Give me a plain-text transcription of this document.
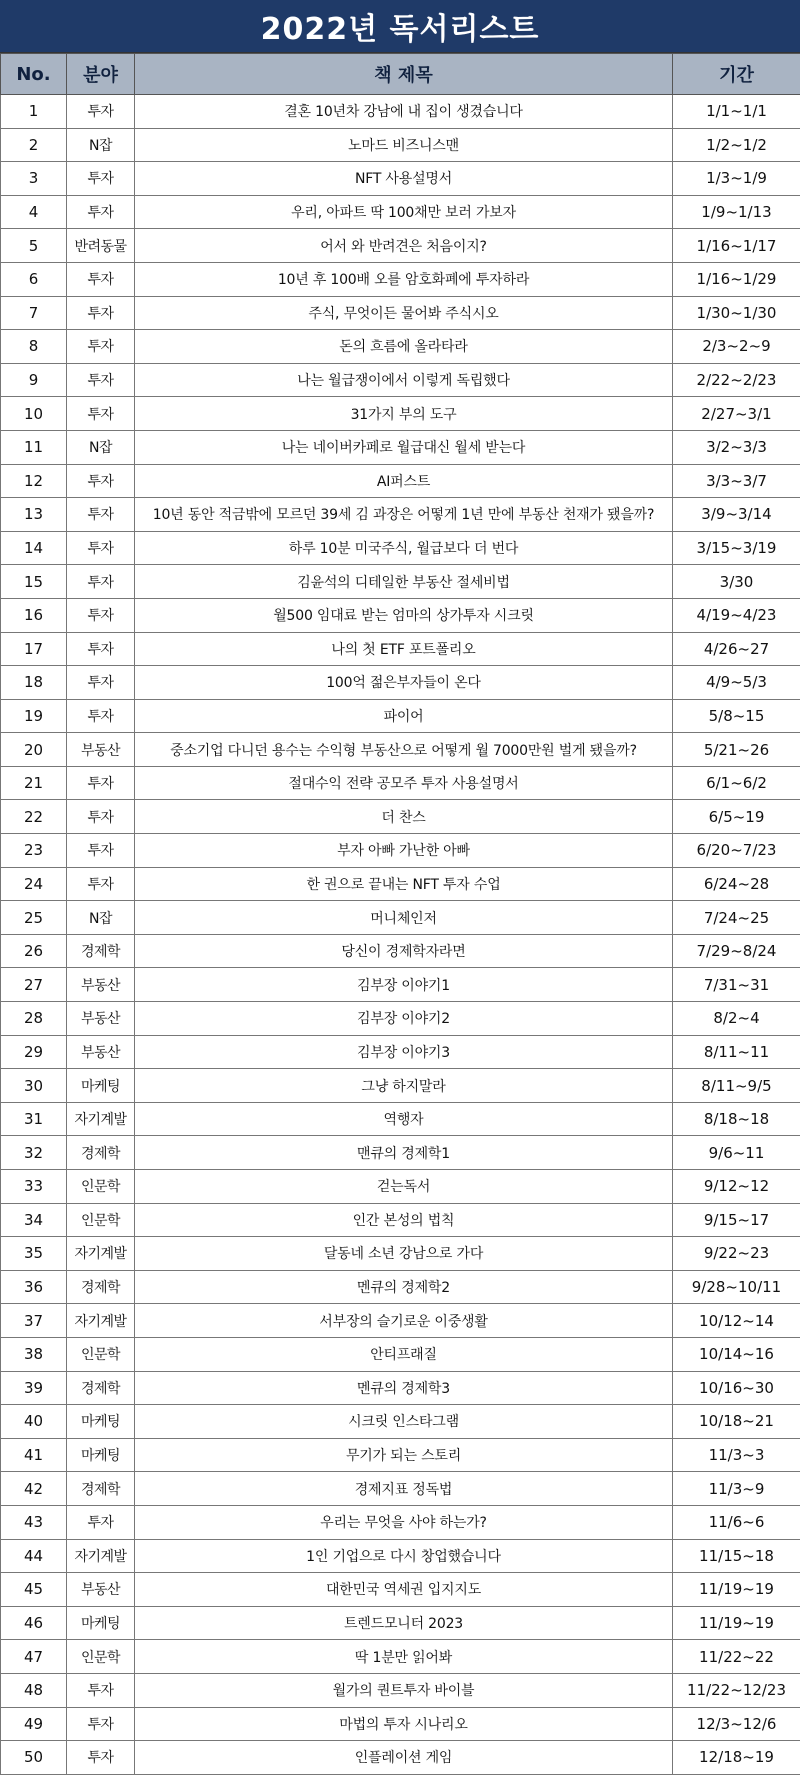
2022년 독서리스트
No.	분야	책 제목	기간
1	투자	결혼 10년차 강남에 내 집이 생겼습니다	1/1~1/1
2	N잡	노마드 비즈니스맨	1/2~1/2
3	투자	NFT 사용설명서	1/3~1/9
4	투자	우리, 아파트 딱 100채만 보러 가보자	1/9~1/13
5	반려동물	어서 와 반려견은 처음이지?	1/16~1/17
6	투자	10년 후 100배 오를 암호화폐에 투자하라	1/16~1/29
7	투자	주식, 무엇이든 물어봐 주식시오	1/30~1/30
8	투자	돈의 흐름에 올라타라	2/3~2~9
9	투자	나는 월급쟁이에서 이렇게 독립했다	2/22~2/23
10	투자	31가지 부의 도구	2/27~3/1
11	N잡	나는 네이버카페로 월급대신 월세 받는다	3/2~3/3
12	투자	AI퍼스트	3/3~3/7
13	투자	10년 동안 적금밖에 모르던 39세 김 과장은 어떻게 1년 만에 부동산 천재가 됐을까?	3/9~3/14
14	투자	하루 10분 미국주식, 월급보다 더 번다	3/15~3/19
15	투자	김윤석의 디테일한 부동산 절세비법	3/30
16	투자	월500 임대료 받는 엄마의 상가투자 시크릿	4/19~4/23
17	투자	나의 첫 ETF 포트폴리오	4/26~27
18	투자	100억 젊은부자들이 온다	4/9~5/3
19	투자	파이어	5/8~15
20	부동산	중소기업 다니던 용수는 수익형 부동산으로 어떻게 월 7000만원 벌게 됐을까?	5/21~26
21	투자	절대수익 전략 공모주 투자 사용설명서	6/1~6/2
22	투자	더 찬스	6/5~19
23	투자	부자 아빠 가난한 아빠	6/20~7/23
24	투자	한 권으로 끝내는 NFT 투자 수업	6/24~28
25	N잡	머니체인저	7/24~25
26	경제학	당신이 경제학자라면	7/29~8/24
27	부동산	김부장 이야기1	7/31~31
28	부동산	김부장 이야기2	8/2~4
29	부동산	김부장 이야기3	8/11~11
30	마케팅	그냥 하지말라	8/11~9/5
31	자기계발	역행자	8/18~18
32	경제학	맨큐의 경제학1	9/6~11
33	인문학	걷는독서	9/12~12
34	인문학	인간 본성의 법칙	9/15~17
35	자기계발	달동네 소년 강남으로 가다	9/22~23
36	경제학	멘큐의 경제학2	9/28~10/11
37	자기계발	서부장의 슬기로운 이중생활	10/12~14
38	인문학	안티프래질	10/14~16
39	경제학	멘큐의 경제학3	10/16~30
40	마케팅	시크릿 인스타그램	10/18~21
41	마케팅	무기가 되는 스토리	11/3~3
42	경제학	경제지표 정독법	11/3~9
43	투자	우리는 무엇을 사야 하는가?	11/6~6
44	자기계발	1인 기업으로 다시 창업했습니다	11/15~18
45	부동산	대한민국 역세권 입지지도	11/19~19
46	마케팅	트렌드모니터 2023	11/19~19
47	인문학	딱 1분만 읽어봐	11/22~22
48	투자	월가의 퀀트투자 바이블	11/22~12/23
49	투자	마법의 투자 시나리오	12/3~12/6
50	투자	인플레이션 게임	12/18~19
